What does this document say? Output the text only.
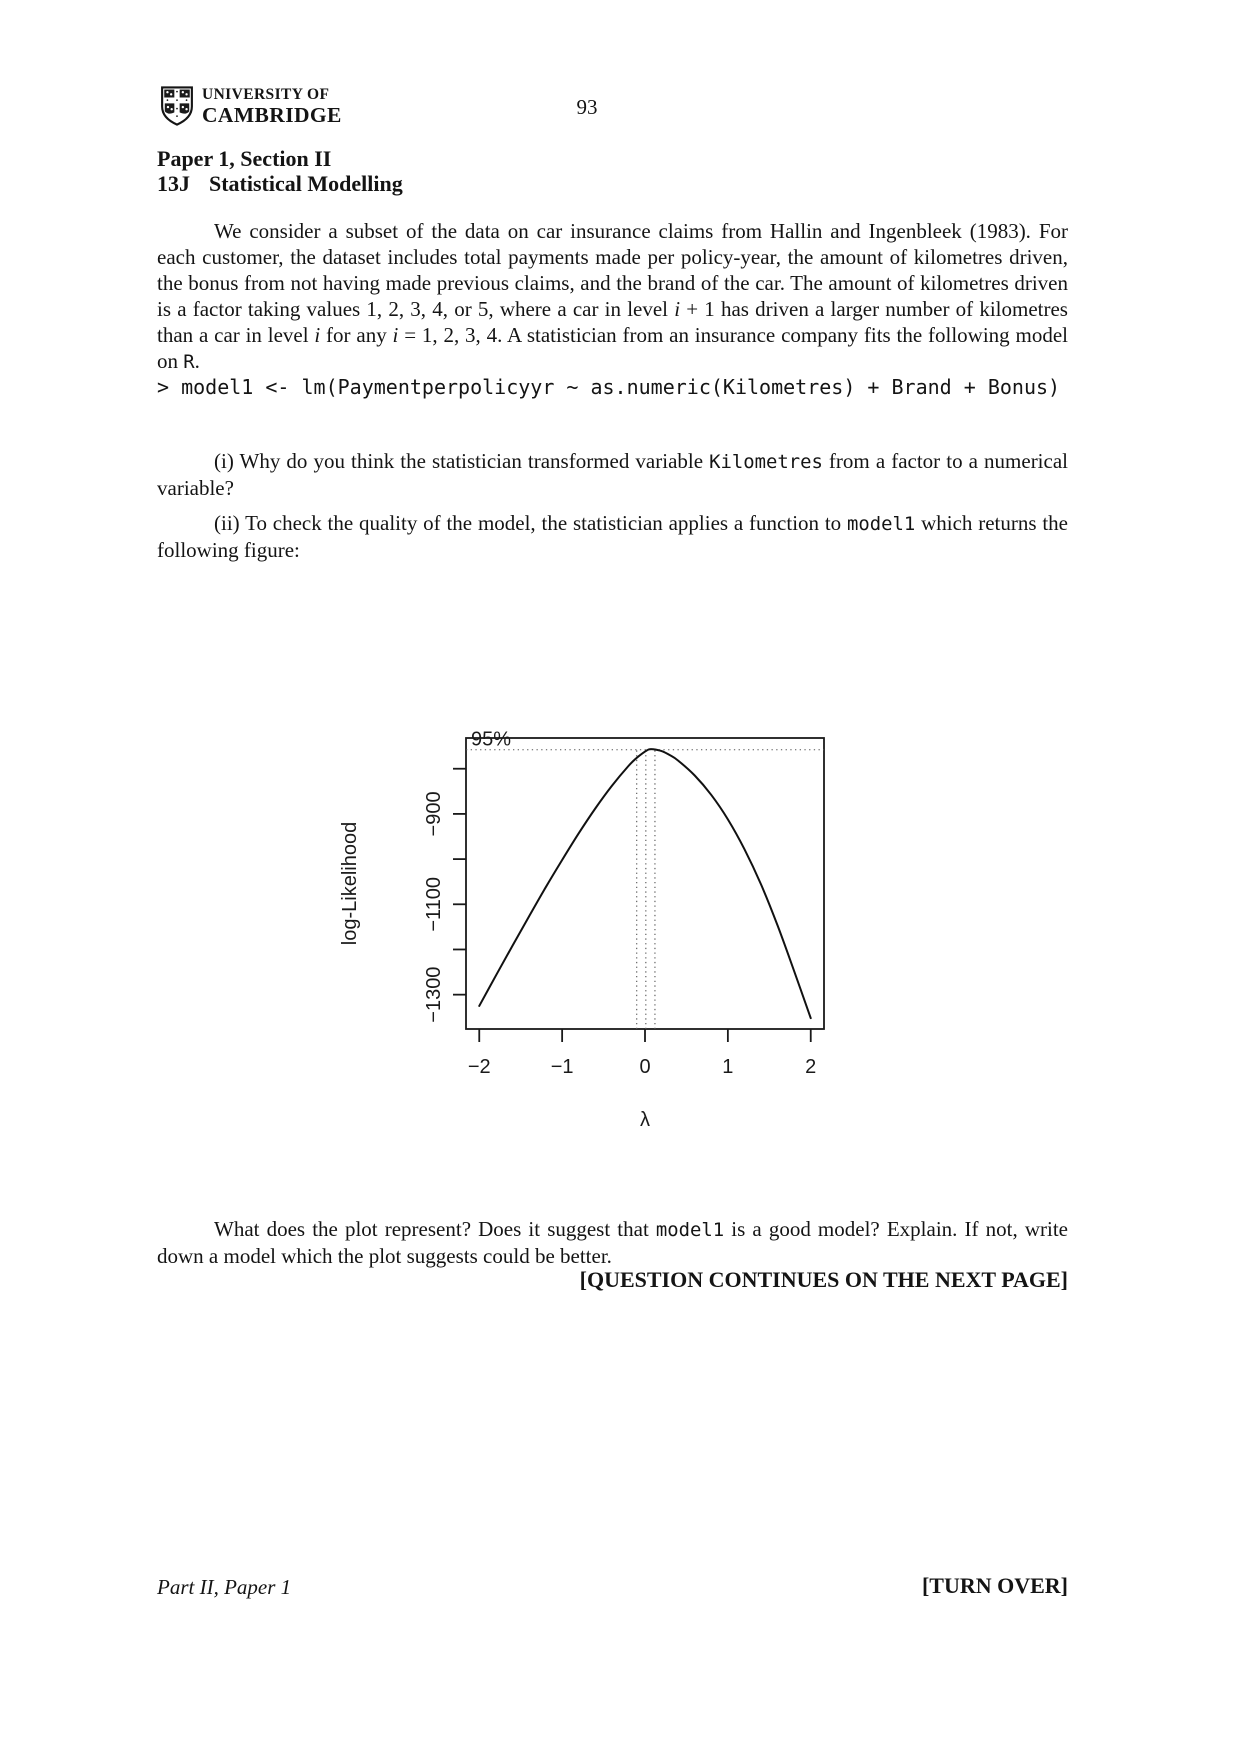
UNIVERSITY OF
CAMBRIDGE	93
Paper 1, Section II
13J Statistical Modelling

We consider a subset of the data on car insurance claims from Hallin and Ingenbleek (1983). For each customer, the dataset includes total payments made per policy-year, the amount of kilometres driven, the bonus from not having made previous claims, and the brand of the car. The amount of kilometres driven is a factor taking values 1, 2, 3, 4, or 5, where a car in level i + 1 has driven a larger number of kilometres than a car in level i for any i = 1, 2, 3, 4. A statistician from an insurance company fits the following model on R.

> model1 <- lm(Paymentperpolicyyr ~ as.numeric(Kilometres) + Brand + Bonus)

(i) Why do you think the statistician transformed variable Kilometres from a factor to a numerical variable?

(ii) To check the quality of the model, the statistician applies a function to model1 which returns the following figure:

−900
−1100
−1300
−2	−1	0	1	2
λ
log-Likelihood
95%

What does the plot represent? Does it suggest that model1 is a good model? Explain. If not, write down a model which the plot suggests could be better.

[QUESTION CONTINUES ON THE NEXT PAGE]
Part II, Paper 1	[TURN OVER]
